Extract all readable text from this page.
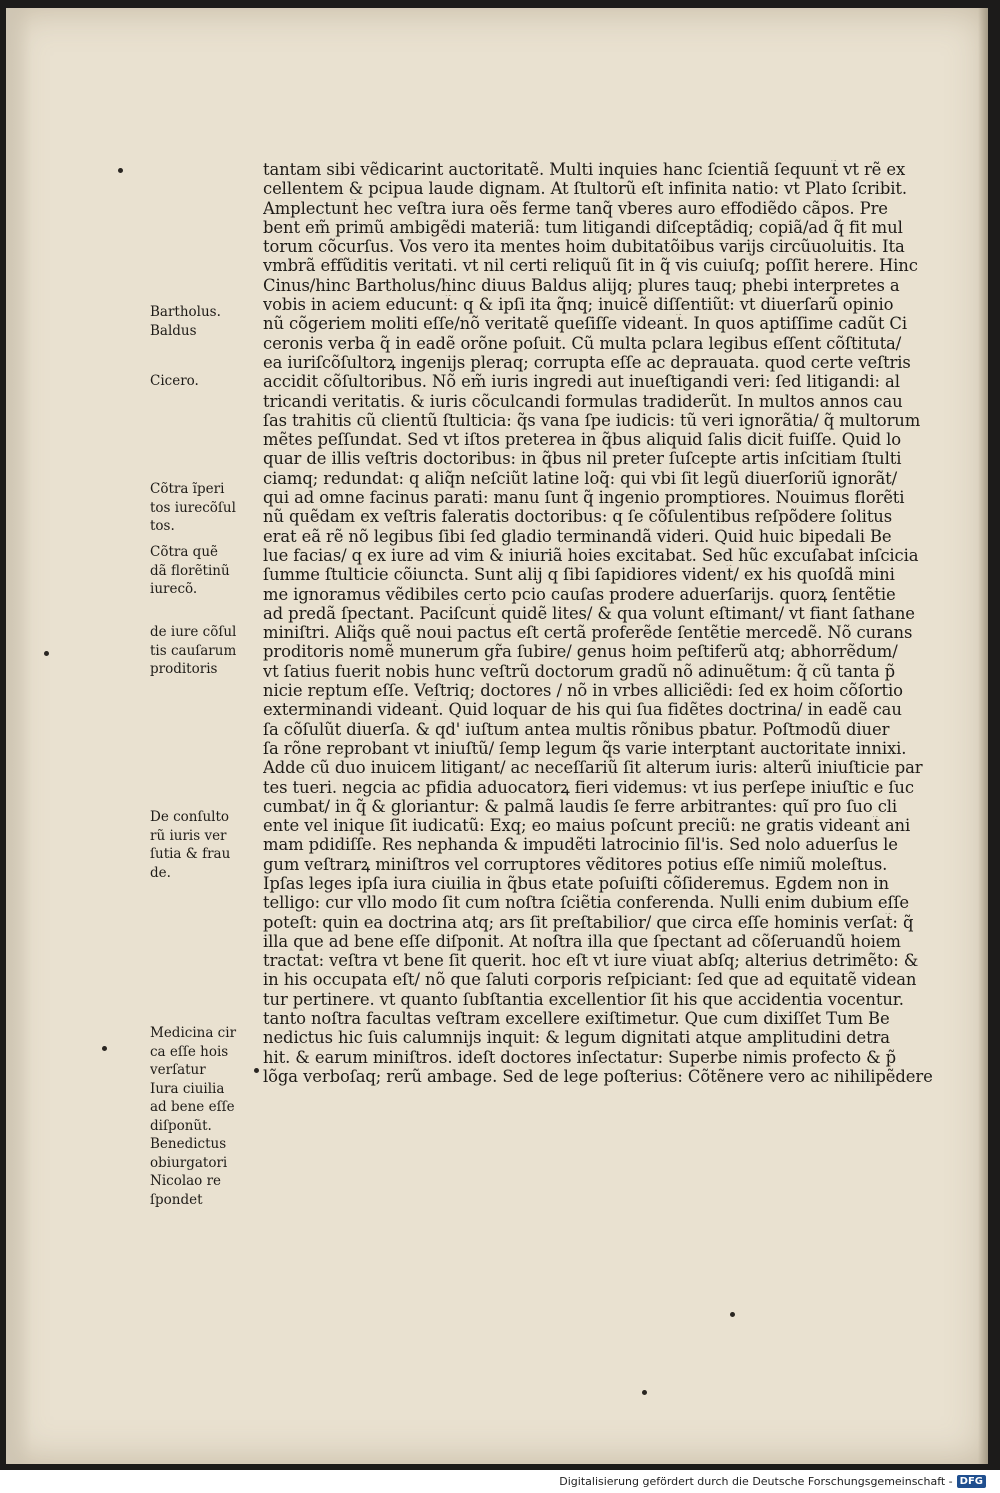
tantam sibi vẽdicarint auctoritatẽ. Multi inquies hanc ſcientiã ſequunt̃ vt rẽ ex
cellentem & pcipua laude dignam. At ſtultorũ eſt infinita natio: vt Plato ſcribit.
Amplectunt̃ hec veſtra iura oẽs ferme tanq̃ vberes auro effodiẽdo cãpos. Pre
bent em̃ primũ ambigẽdi materiã: tum litigandi diſceptãdiq; copiã/ad q̃ fit mul
torum cõcurſus. Vos vero ita mentes hoim dubitatõibus varijs circũuoluitis. Ita
vmbrã effũditis veritati. vt nil certi reliquũ ſit in q̃ vis cuiuſq; poſſit herere. Hinc
Cinus/hinc Bartholus/hinc diuus Baldus alijq; plures tauq; phebi interpretes a
vobis in aciem educunt̃: q & ipſi ita q̃nq; inuicẽ diſſentiũt: vt diuerſarũ opinio
nũ cõgeriem moliti eſſe/nõ veritatẽ queſiſſe videant̃. In quos aptiſſime cadũt Ci
ceronis verba q̃ in eadẽ orõne poſuit. Cũ multa pclara legibus eſſent cõſtituta/
ea iuriſcõſultorꝝ ingenijs pleraq; corrupta eſſe ac deprauata. quod certe veſtris
accidit cõſultoribus. Nõ em̃ iuris ingredi aut inueſtigandi veri: ſed litigandi: al
tricandi veritatis. & iuris cõculcandi formulas tradiderũt. In multos annos cau
ſas trahitis cũ clientũ ſtulticia: q̃s vana ſpe iudicis: tũ veri ignorãtia/ q̃ multorum
mẽtes peſſundat. Sed vt iſtos preterea in q̃bus aliquid ſalis dicit̃ fuiſſe. Quid lo
quar de illis veſtris doctoribus: in q̃bus nil preter ſuſcepte artis inſcitiam ſtulti
ciamq; redundat: q aliq̃n neſciũt latine loq̃: qui vbi ſit legũ diuerſoriũ ignorãt/
qui ad omne facinus parati: manu ſunt q̃ ingenio promptiores. Nouimus florẽti
nũ quẽdam ex veſtris faleratis doctoribus: q ſe cõſulentibus reſpõdere ſolitus
erat eã rẽ nõ legibus ſibi ſed gladio terminandã videri. Quid huic bipedali Be
lue facias/ q ex iure ad vim & iniuriã hoies excitabat. Sed hũc excuſabat inſcicia
ſumme ſtulticie cõiuncta. Sunt alij q ſibi ſapidiores vident̃/ ex his quoſdã mini
me ignoramus vẽdibiles certo pcio cauſas prodere aduerſarijs. quorꝝ ſentẽtie
ad predã ſpectant. Paciſcunt̃ quidẽ lites/ & qua volunt eſtimant/ vt fiant ſathane
miniſtri. Aliq̃s quẽ noui pactus eſt certã proferẽde ſentẽtie mercedẽ. Nõ curans
proditoris nomẽ munerum gr̃a ſubire/ genus hoim peſtiferũ atq; abhorrẽdum/
vt ſatius fuerit nobis hunc veſtrũ doctorum gradũ nõ adinuẽtum: q̃ cũ tanta p̃
nicie reptum eſſe. Veſtriq; doctores / nõ in vrbes alliciẽdi: ſed ex hoim cõſortio
exterminandi videant̃. Quid loquar de his qui ſua fidẽtes doctrina/ in eadẽ cau
ſa cõſulũt diuerſa. & qd' iuſtum antea multis rõnibus pbatur. Poſtmodũ diuer
ſa rõne reprobant vt iniuſtũ/ ſemp legum q̃s varie interptant̃ auctoritate innixi.
Adde cũ duo inuicem litigant/ ac neceſſariũ ſit alterum iuris: alterũ iniuſticie par
tes tueri. negcia ac pfidia aduocatorꝝ fieri videmus: vt ius perſepe iniuſtic e ſuc
cumbat/ in q̃ & gloriantur: & palmã laudis ſe ferre arbitrantes: quĩ pro ſuo cli
ente vel inique ſit iudicatũ: Exq; eo maius poſcunt preciũ: ne gratis videant̃ ani
mam pdidiſſe. Res nephanda & impudẽti latrocinio ſil'is. Sed nolo aduerſus le
gum veſtrarꝝ miniſtros vel corruptores vẽditores potius eſſe nimiũ moleſtus.
Ipſas leges ipſa iura ciuilia in q̃bus etate poſuiſti cõſideremus. Egdem non in
telligo: cur vllo modo ſit cum noſtra ſciẽtia conferenda. Nulli enim dubium eſſe
poteſt: quin ea doctrina atq; ars ſit preſtabilior/ que circa eſſe hominis verſat̃: q̃
illa que ad bene eſſe diſponit. At noſtra illa que ſpectant ad cõſeruandũ hoiem
tractat: veſtra vt bene ſit querit. hoc eſt vt iure viuat abſq; alterius detrimẽto: &
in his occupata eſt/ nõ que ſaluti corporis reſpiciant: ſed que ad equitatẽ videan
tur pertinere. vt quanto ſubſtantia excellentior ſit his que accidentia vocentur.
tanto noſtra facultas veſtram excellere exiſtimetur. Que cum dixiſſet Tum Be
nedictus hic ſuis calumnijs inquit: & legum dignitati atque amplitudini detra
hit. & earum miniſtros. ideſt doctores inſectatur: Superbe nimis profecto & p̃
lõga verboſaq; rerũ ambage. Sed de lege poſterius: Cõtẽnere vero ac nihilipẽdere
Bartholus.
Baldus
Cicero.
Cõtra ĩperi
tos iurecõſul
tos.
Cõtra quẽ
dã florẽtinũ
iurecõ.
de iure cõſul
tis cauſarum
proditoris
De conſulto
rũ iuris ver
ſutia & frau
de.
Medicina cir
ca eſſe hois
verſatur
Iura ciuilia
ad bene eſſe
diſponũt.
Benedictus
obiurgatori
Nicolao re
ſpondet
Digitalisierung gefördert durch die Deutsche Forschungsgemeinschaft - DFG
